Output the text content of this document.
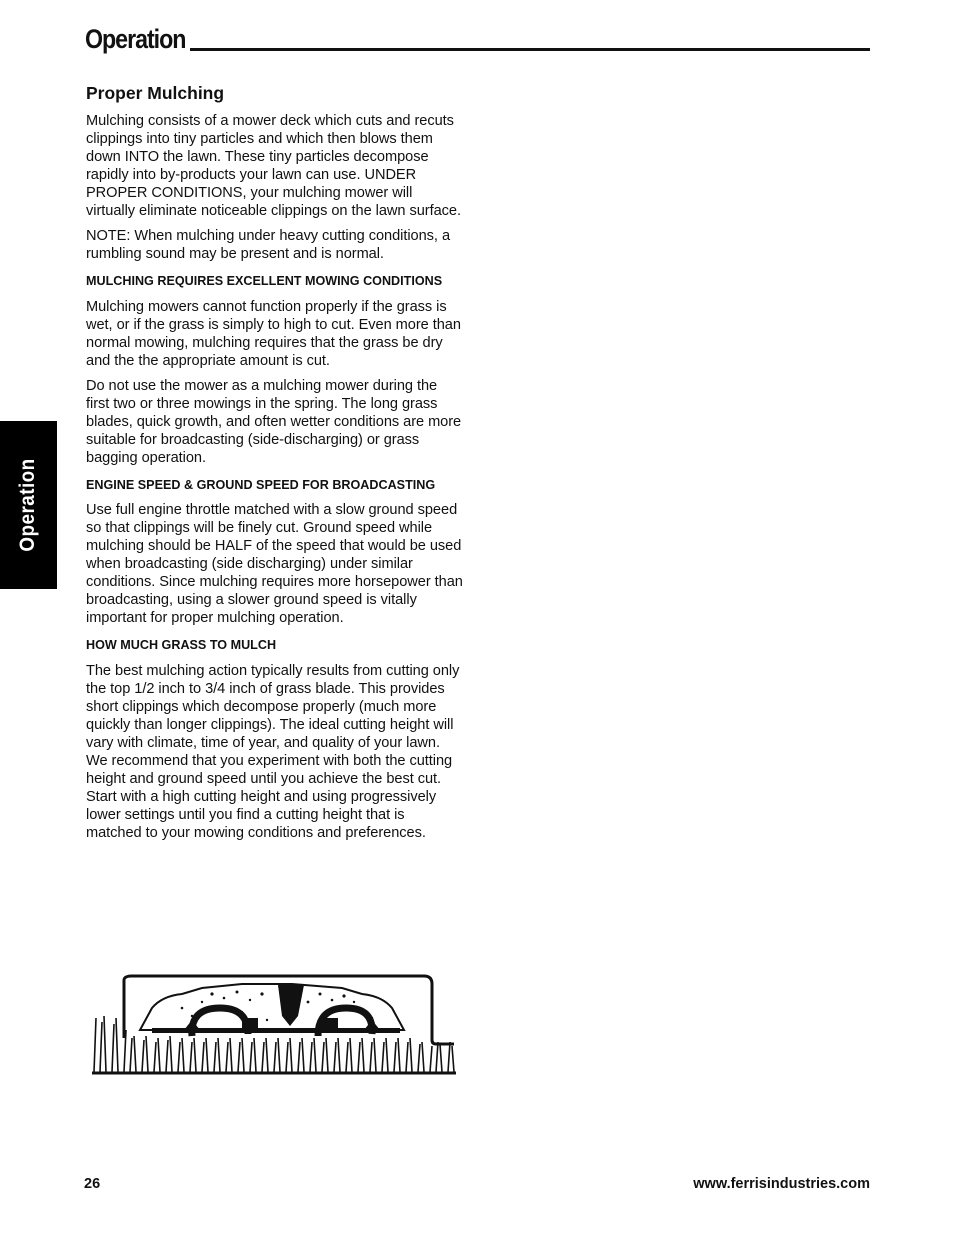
Operation
Operation
Proper Mulching

Mulching consists of a mower deck which cuts and recuts clippings into tiny particles and which then blows them down INTO the lawn. These tiny particles decompose rapidly into by-products your lawn can use. UNDER PROPER CONDITIONS, your mulching mower will virtually eliminate noticeable clippings on the lawn surface.

NOTE: When mulching under heavy cutting conditions, a rumbling sound may be present and is normal.

MULCHING REQUIRES EXCELLENT MOWING CONDITIONS

Mulching mowers cannot function properly if the grass is wet, or if the grass is simply to high to cut. Even more than normal mowing, mulching requires that the grass be dry and the the appropriate amount is cut.

Do not use the mower as a mulching mower during the first two or three mowings in the spring. The long grass blades, quick growth, and often wetter conditions are more suitable for broadcasting (side-discharging) or grass bagging operation.

ENGINE SPEED & GROUND SPEED FOR BROADCASTING

Use full engine throttle matched with a slow ground speed so that clippings will be finely cut. Ground speed while mulching should be HALF of the speed that would be used when broadcasting (side discharging) under similar conditions. Since mulching requires more horsepower than broadcasting, using a slower ground speed is vitally important for proper mulching operation.

HOW MUCH GRASS TO MULCH

The best mulching action typically results from cutting only the top 1/2 inch to 3/4 inch of grass blade. This provides short clippings which decompose properly (much more quickly than longer clippings). The ideal cutting height will vary with climate, time of year, and quality of your lawn. We recommend that you experiment with both the cutting height and ground speed until you achieve the best cut. Start with a high cutting height and using progressively lower settings until you find a cutting height that is matched to your mowing conditions and preferences.

26	www.ferrisindustries.com
